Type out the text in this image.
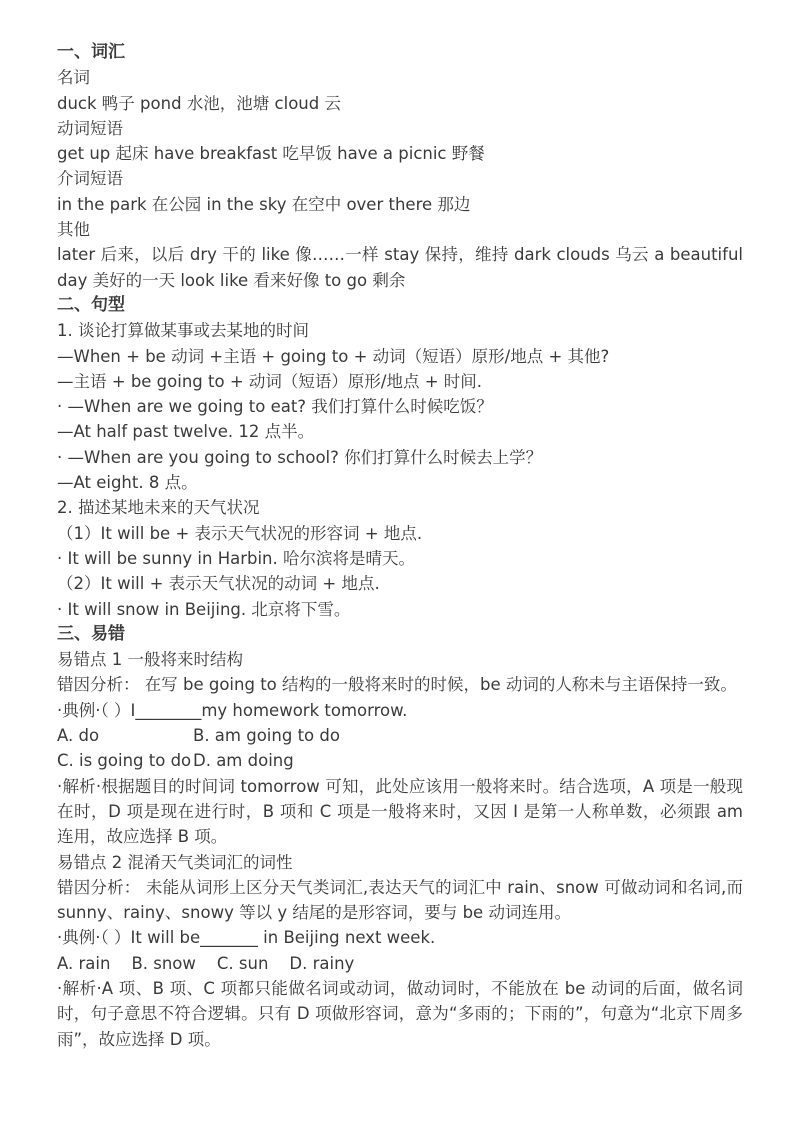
一、词汇

名词

duck 鸭子 pond 水池，池塘 cloud 云

动词短语

get up 起床 have breakfast 吃早饭 have a picnic 野餐

介词短语

in the park 在公园 in the sky 在空中 over there 那边

其他

later 后来，以后 dry 干的 like 像……一样 stay 保持，维持 dark clouds 乌云 a beautiful day 美好的一天 look like 看来好像 to go 剩余

二、句型

1. 谈论打算做某事或去某地的时间

—When + be 动词 +主语 + going to + 动词（短语）原形/地点 + 其他?

—主语 + be going to + 动词（短语）原形/地点 + 时间.

· —When are we going to eat? 我们打算什么时候吃饭？

—At half past twelve. 12 点半。

· —When are you going to school? 你们打算什么时候去上学？

—At eight. 8 点。

2. 描述某地未来的天气状况

（1）It will be + 表示天气状况的形容词 + 地点.

· It will be sunny in Harbin. 哈尔滨将是晴天。

（2）It will + 表示天气状况的动词 + 地点.

· It will snow in Beijing. 北京将下雪。

三、易错

易错点 1 一般将来时结构

错因分析： 在写 be going to 结构的一般将来时的时候，be 动词的人称未与主语保持一致。

·典例·（ ）I________my homework tomorrow.

A. do	B. am going to do

C. is going to do D. am doing

·解析·根据题目的时间词 tomorrow 可知，此处应该用一般将来时。结合选项，A 项是一般现在时，D 项是现在进行时，B 项和 C 项是一般将来时，又因 I 是第一人称单数，必须跟 am 连用，故应选择 B 项。

易错点 2 混淆天气类词汇的词性

错因分析： 未能从词形上区分天气类词汇,表达天气的词汇中 rain、snow 可做动词和名词,而 sunny、rainy、snowy 等以 y 结尾的是形容词，要与 be 动词连用。

·典例·（ ）It will be_______ in Beijing next week.

A. rain B. snow C. sun D. rainy

·解析·A 项、B 项、C 项都只能做名词或动词，做动词时，不能放在 be 动词的后面，做名词时，句子意思不符合逻辑。只有 D 项做形容词，意为“多雨的；下雨的”，句意为“北京下周多雨”，故应选择 D 项。
